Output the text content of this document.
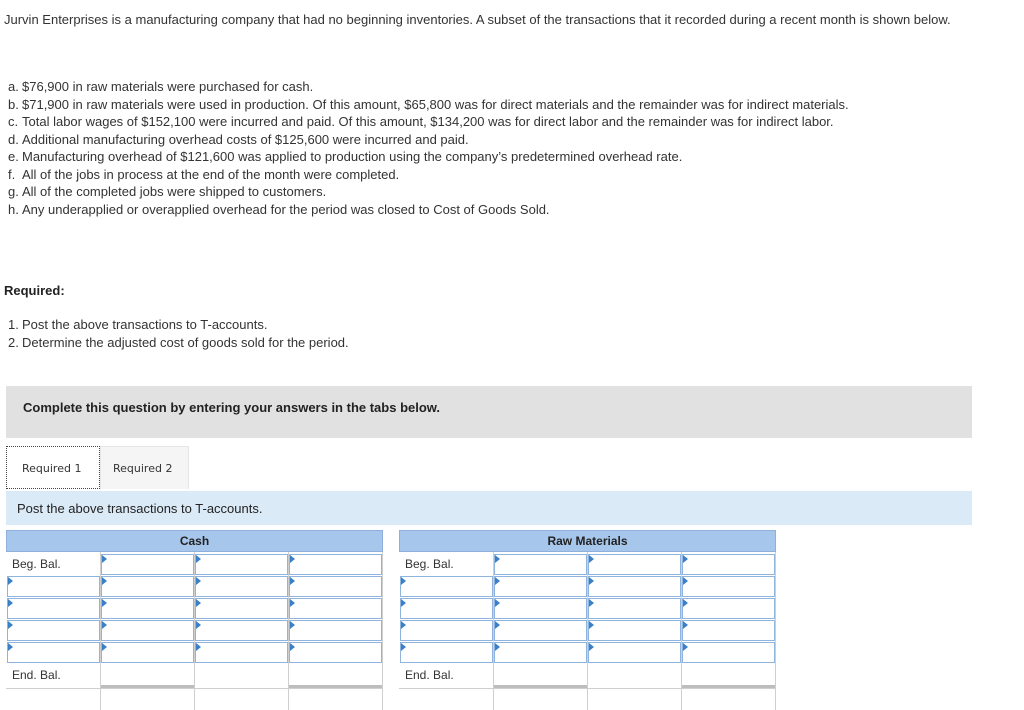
Jurvin Enterprises is a manufacturing company that had no beginning inventories. A subset of the transactions that it recorded during a recent month is shown below.
a. $76,900 in raw materials were purchased for cash.
b. $71,900 in raw materials were used in production. Of this amount, $65,800 was for direct materials and the remainder was for indirect materials.
c. Total labor wages of $152,100 were incurred and paid. Of this amount, $134,200 was for direct labor and the remainder was for indirect labor.
d. Additional manufacturing overhead costs of $125,600 were incurred and paid.
e. Manufacturing overhead of $121,600 was applied to production using the company’s predetermined overhead rate.
f. All of the jobs in process at the end of the month were completed.
g. All of the completed jobs were shipped to customers.
h. Any underapplied or overapplied overhead for the period was closed to Cost of Goods Sold.
Required:
1. Post the above transactions to T-accounts.
2. Determine the adjusted cost of goods sold for the period.
Complete this question by entering your answers in the tabs below.
Required 1	Required 2
Post the above transactions to T-accounts.
Cash
Beg. Bal.
End. Bal.
Raw Materials
Beg. Bal.
End. Bal.
